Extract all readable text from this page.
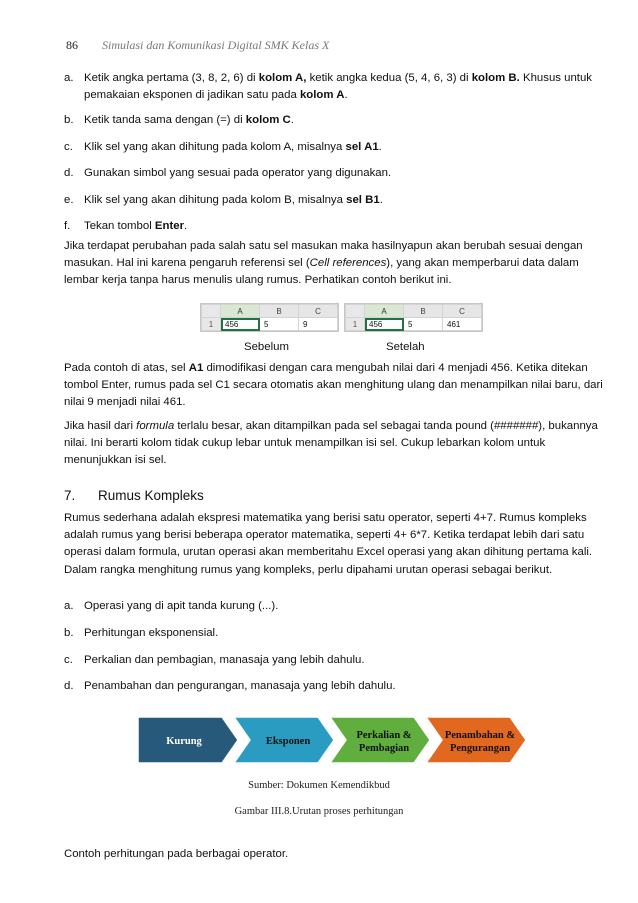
86 Simulasi dan Komunikasi Digital SMK Kelas X
a. Ketik angka pertama (3, 8, 2, 6) di kolom A, ketik angka kedua (5, 4, 6, 3) di kolom B. Khusus untuk pemakaian eksponen di jadikan satu pada kolom A.
b. Ketik tanda sama dengan (=) di kolom C.
c. Klik sel yang akan dihitung pada kolom A, misalnya sel A1.
d. Gunakan simbol yang sesuai pada operator yang digunakan.
e. Klik sel yang akan dihitung pada kolom B, misalnya sel B1.
f.	Tekan tombol Enter.
Jika terdapat perubahan pada salah satu sel masukan maka hasilnyapun akan berubah sesuai dengan masukan. Hal ini karena pengaruh referensi sel (Cell references), yang akan memperbarui data dalam lembar kerja tanpa harus menulis ulang rumus. Perhatikan contoh berikut ini.
	A	B	C
1	456	5	9
	A	B	C
1	456	5	461
Sebelum	Setelah
Pada contoh di atas, sel A1 dimodifikasi dengan cara mengubah nilai dari 4 menjadi 456. Ketika ditekan tombol Enter, rumus pada sel C1 secara otomatis akan menghitung ulang dan menampilkan nilai baru, dari nilai 9 menjadi nilai 461.
Jika hasil dari formula terlalu besar, akan ditampilkan pada sel sebagai tanda pound (#######), bukannya nilai. Ini berarti kolom tidak cukup lebar untuk menampilkan isi sel. Cukup lebarkan kolom untuk menunjukkan isi sel.
7. Rumus Kompleks
Rumus sederhana adalah ekspresi matematika yang berisi satu operator, seperti 4+7. Rumus kompleks adalah rumus yang berisi beberapa operator matematika, seperti 4+ 6*7. Ketika terdapat lebih dari satu operasi dalam formula, urutan operasi akan memberitahu Excel operasi yang akan dihitung pertama kali. Dalam rangka menghitung rumus yang kompleks, perlu dipahami urutan operasi sebagai berikut.
a. Operasi yang di apit tanda kurung (...).
b. Perhitungan eksponensial.
c. Perkalian dan pembagian, manasaja yang lebih dahulu.
d. Penambahan dan pengurangan, manasaja yang lebih dahulu.
Kurung	Eksponen
Perkalian &
Pembagian
Penambahan &
Pengurangan
Sumber: Dokumen Kemendikbud
Gambar III.8.Urutan proses perhitungan
Contoh perhitungan pada berbagai operator.
